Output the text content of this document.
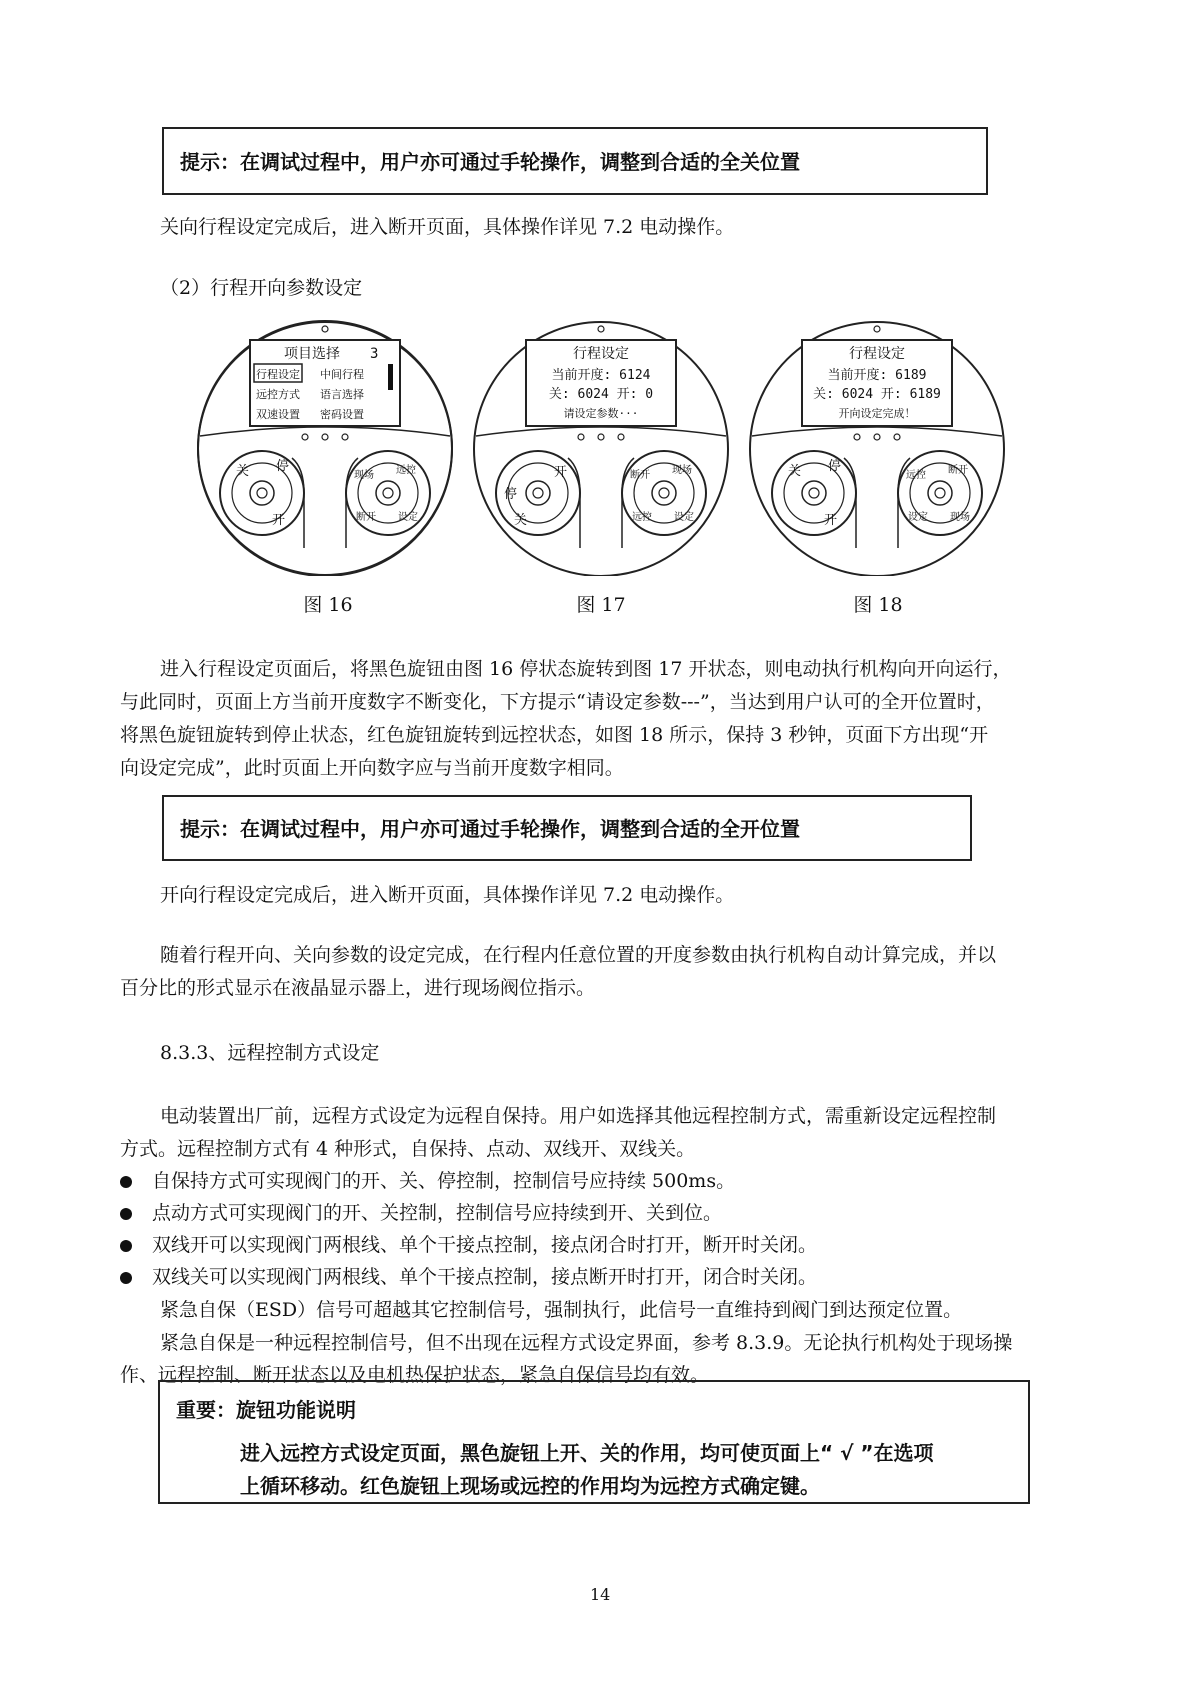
提示：在调试过程中，用户亦可通过手轮操作，调整到合适的全关位置
关向行程设定完成后，进入断开页面，具体操作详见 7.2 电动操作。
（2）行程开向参数设定
项目选择 3
行程设定 中间行程
远控方式 语言选择
双速设置 密码设置
关 停
开
现场 远控
断开 设定
行程设定
当前开度: 6124
关: 6024 开: 0
请设定参数···
停
开
关
断开 现场
远控 设定
行程设定
当前开度: 6189
关: 6024 开: 6189
开向设定完成！
关 停
开
远控 断开
设定 现场
图 16	图 17	图 18
进入行程设定页面后，将黑色旋钮由图 16 停状态旋转到图 17 开状态，则电动执行机构向开向运行，
与此同时，页面上方当前开度数字不断变化，下方提示“请设定参数---”，当达到用户认可的全开位置时，
将黑色旋钮旋转到停止状态，红色旋钮旋转到远控状态，如图 18 所示，保持 3 秒钟，页面下方出现“开
向设定完成”，此时页面上开向数字应与当前开度数字相同。
提示：在调试过程中，用户亦可通过手轮操作，调整到合适的全开位置
开向行程设定完成后，进入断开页面，具体操作详见 7.2 电动操作。
随着行程开向、关向参数的设定完成，在行程内任意位置的开度参数由执行机构自动计算完成，并以
百分比的形式显示在液晶显示器上，进行现场阀位指示。
8.3.3、远程控制方式设定
电动装置出厂前，远程方式设定为远程自保持。用户如选择其他远程控制方式，需重新设定远程控制
方式。远程控制方式有 4 种形式，自保持、点动、双线开、双线关。
自保持方式可实现阀门的开、关、停控制，控制信号应持续 500ms。
点动方式可实现阀门的开、关控制，控制信号应持续到开、关到位。
双线开可以实现阀门两根线、单个干接点控制，接点闭合时打开，断开时关闭。
双线关可以实现阀门两根线、单个干接点控制，接点断开时打开，闭合时关闭。
紧急自保（ESD）信号可超越其它控制信号，强制执行，此信号一直维持到阀门到达预定位置。
紧急自保是一种远程控制信号，但不出现在远程方式设定界面，参考 8.3.9。无论执行机构处于现场操
作、远程控制、断开状态以及电机热保护状态，紧急自保信号均有效。
重要：旋钮功能说明
进入远控方式设定页面，黑色旋钮上开、关的作用，均可使页面上“ √ ”在选项
上循环移动。红色旋钮上现场或远控的作用均为远控方式确定键。
14
